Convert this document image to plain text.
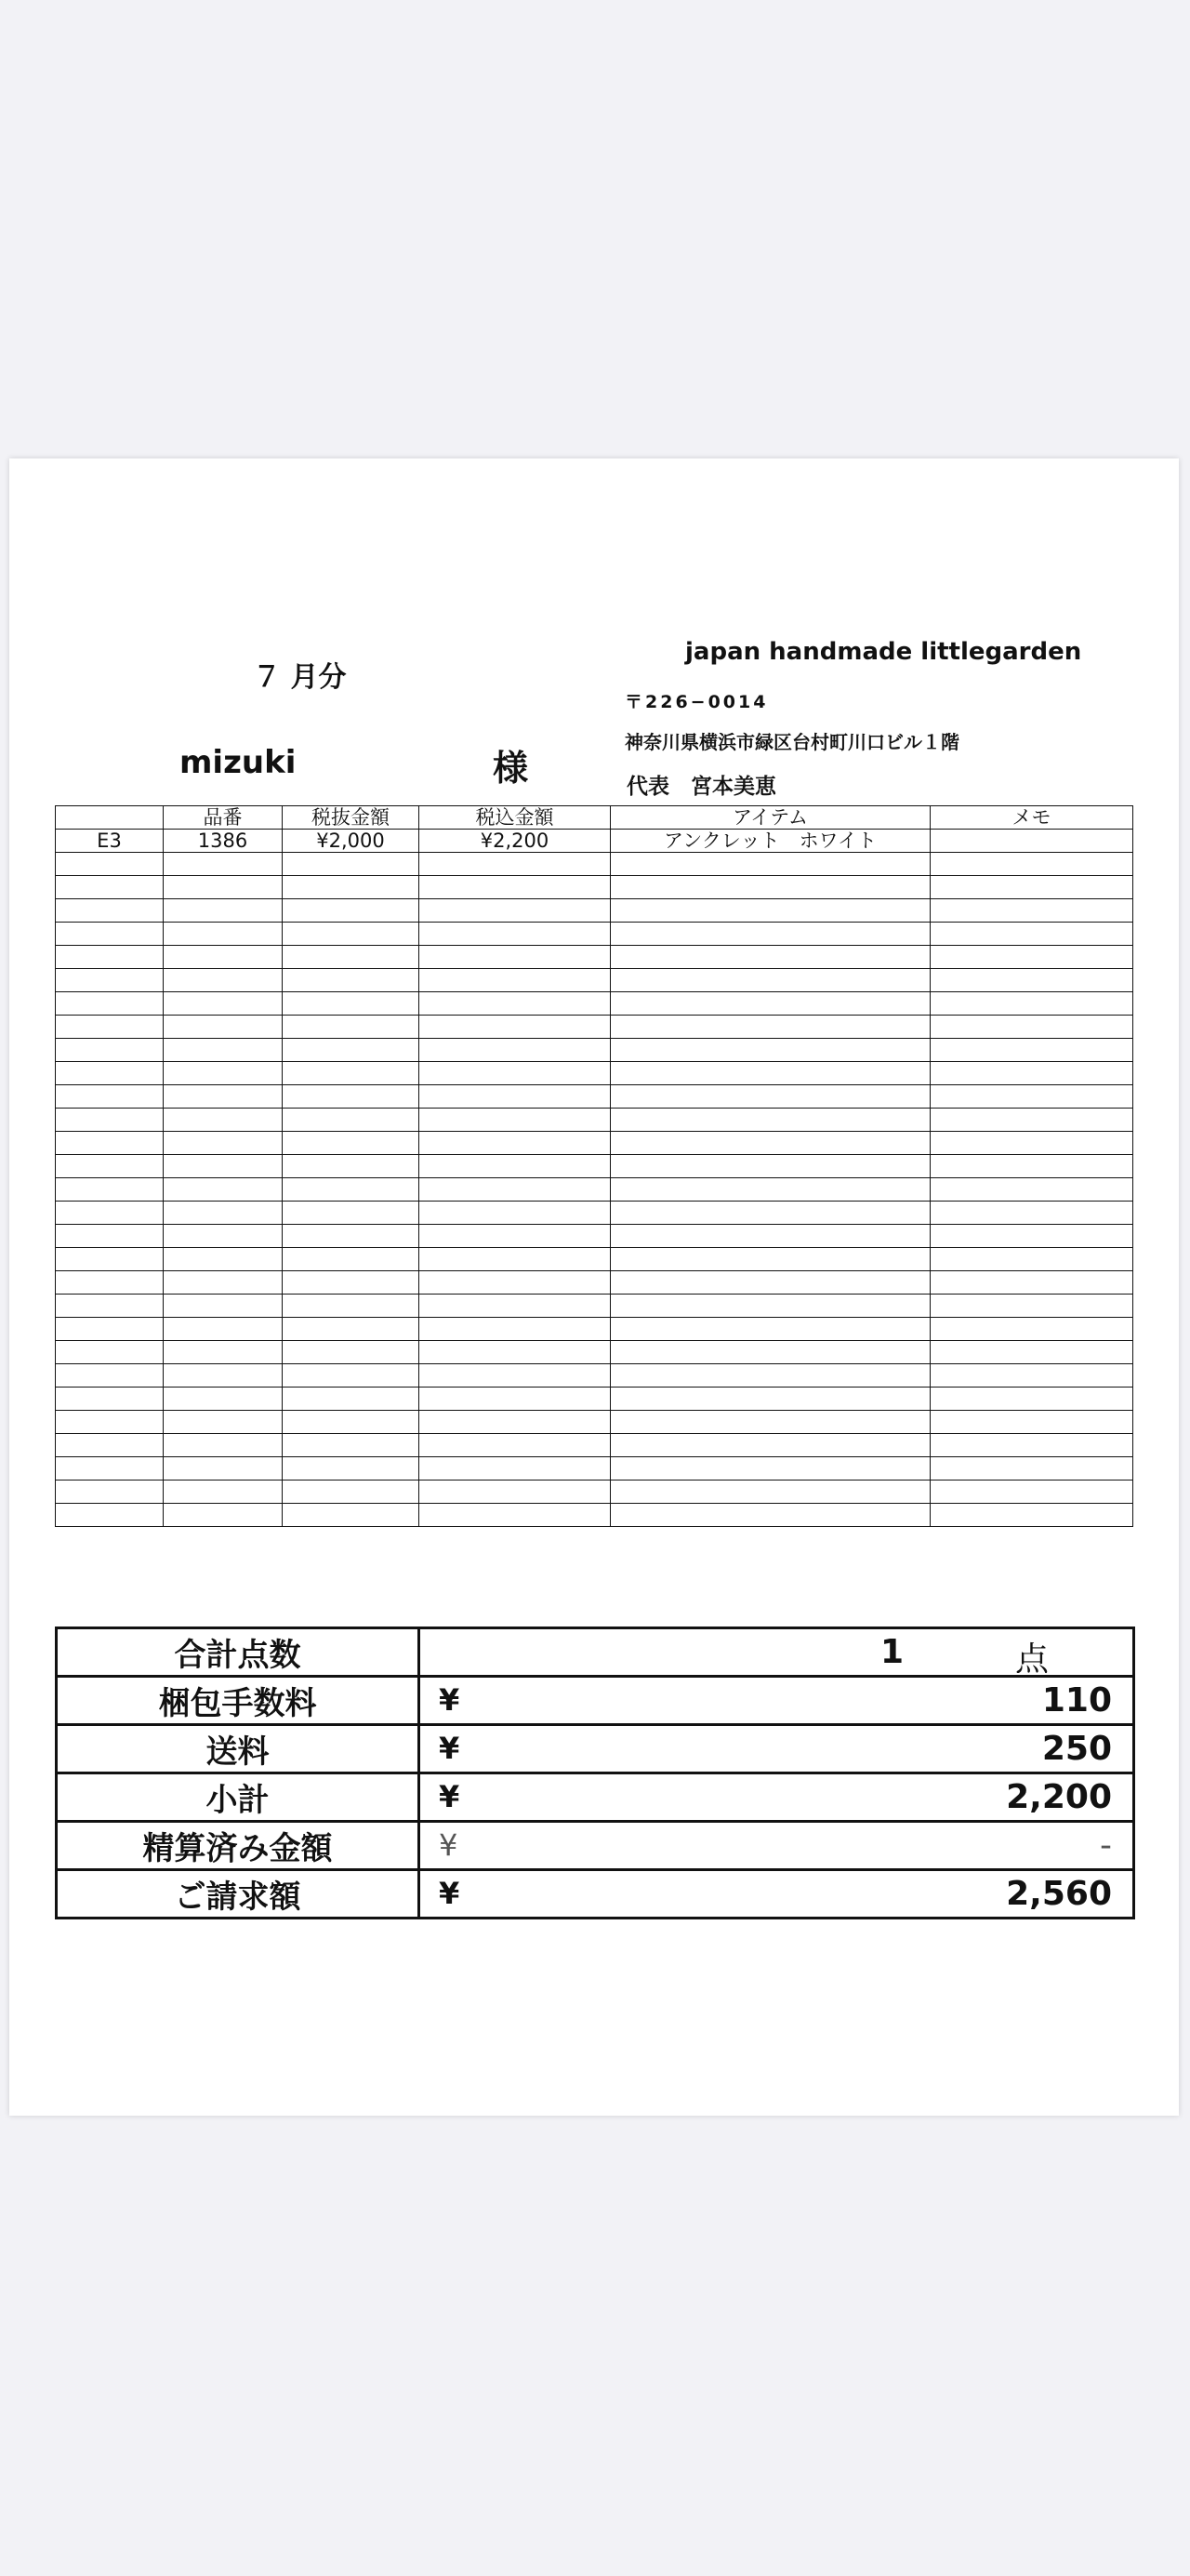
７ 月分
japan handmade littlegarden
〒226−0014
神奈川県横浜市緑区台村町川口ビル１階
mizuki	様	代表　宮本美恵
	品番	税抜金額	税込金額	アイテム	メモ
E3	1386	¥2,000	¥2,200	アンクレット　ホワイト	

合計点数	1 点

梱包手数料	¥ 110

送料	¥ 250

小計	¥ 2,200

精算済み金額	¥ -

ご請求額	¥ 2,560
